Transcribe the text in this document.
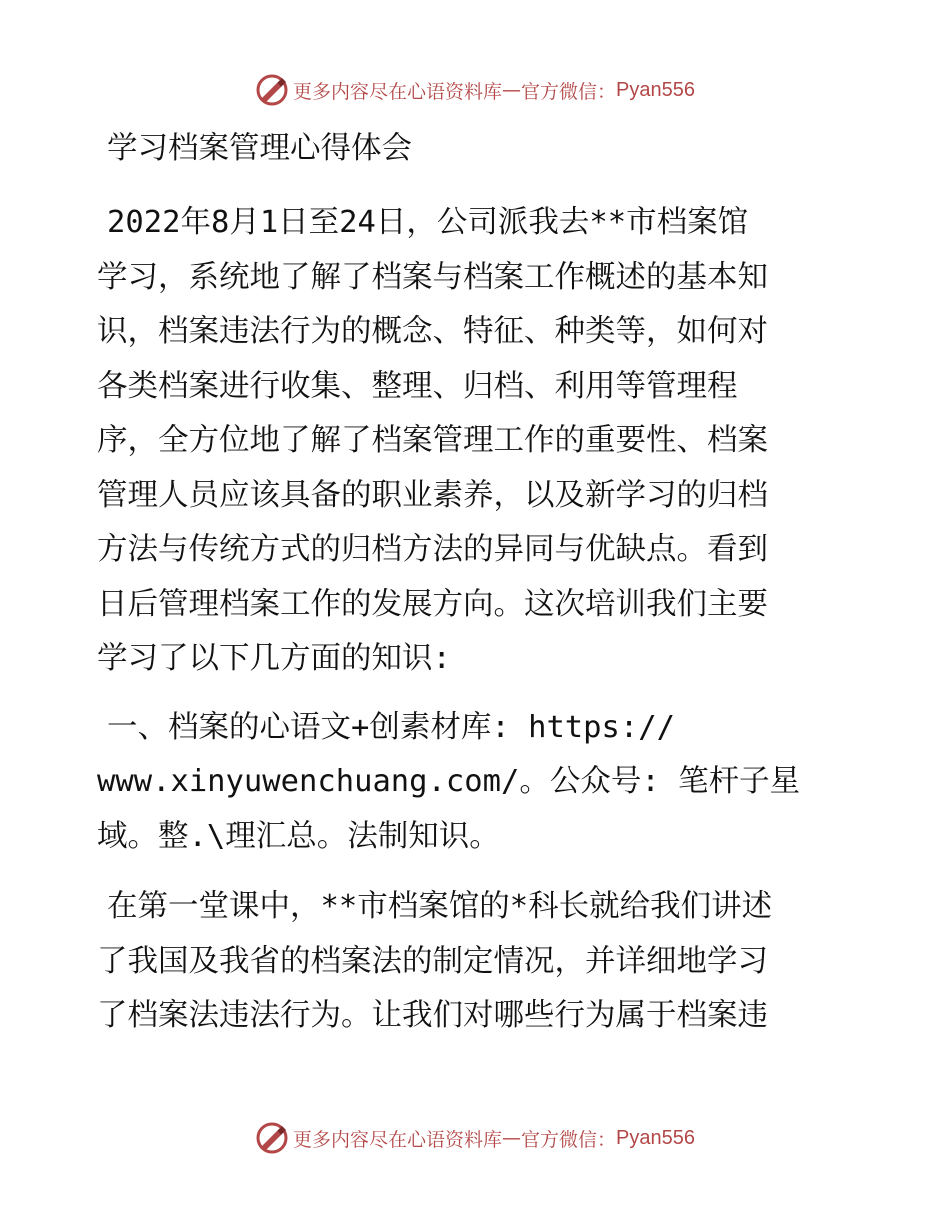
更多内容尽在心语资料库 — 官方微信： Pyan556
学习档案管理心得体会
2022年8月1日至24日，公司派我去**市档案馆
学习，系统地了解了档案与档案工作概述的基本知
识，档案违法行为的概念、特征、种类等，如何对
各类档案进行收集、整理、归档、利用等管理程
序，全方位地了解了档案管理工作的重要性、档案
管理人员应该具备的职业素养，以及新学习的归档
方法与传统方式的归档方法的异同与优缺点。看到
日后管理档案工作的发展方向。这次培训我们主要
学习了以下几方面的知识:
一、档案的心语文+创素材库: https://
www.xinyuwenchuang.com/。公众号: 笔杆子星
域。整.\理汇总。法制知识。
在第一堂课中，**市档案馆的*科长就给我们讲述
了我国及我省的档案法的制定情况，并详细地学习
了档案法违法行为。让我们对哪些行为属于档案违
更多内容尽在心语资料库 — 官方微信： Pyan556
